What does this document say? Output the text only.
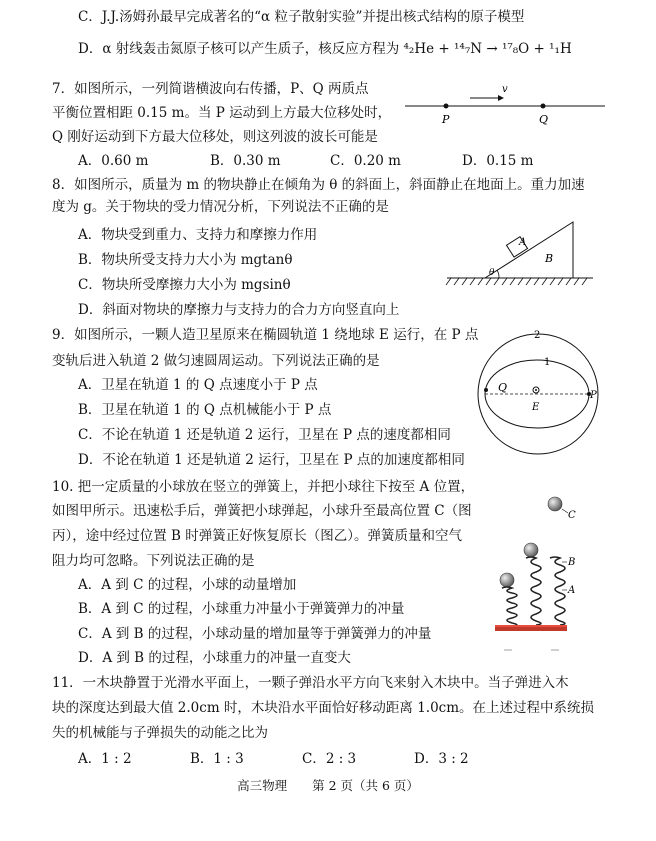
C．J.J.汤姆孙最早完成著名的“α 粒子散射实验”并提出核式结构的原子模型
D．α 射线轰击氮原子核可以产生质子，核反应方程为 ⁴₂He + ¹⁴₇N → ¹⁷₈O + ¹₁H
7．如图所示，一列简谐横波向右传播，P、Q 两质点
平衡位置相距 0.15 m。当 P 运动到上方最大位移处时，
Q 刚好运动到下方最大位移处，则这列波的波长可能是
A．0.60 m	B．0.30 m	C．0.20 m	D．0.15 m
v
P	Q
8．如图所示，质量为 m 的物块静止在倾角为 θ 的斜面上，斜面静止在地面上。重力加速
度为 g。关于物块的受力情况分析，下列说法不正确的是
A．物块受到重力、支持力和摩擦力作用
B．物块所受支持力大小为 mgtanθ
C．物块所受摩擦力大小为 mgsinθ
D．斜面对物块的摩擦力与支持力的合力方向竖直向上
A
B
θ
9．如图所示，一颗人造卫星原来在椭圆轨道 1 绕地球 E 运行，在 P 点
变轨后进入轨道 2 做匀速圆周运动。下列说法正确的是
A．卫星在轨道 1 的 Q 点速度小于 P 点
B．卫星在轨道 1 的 Q 点机械能小于 P 点
C．不论在轨道 1 还是轨道 2 运行，卫星在 P 点的速度都相同
D．不论在轨道 1 还是轨道 2 运行，卫星在 P 点的加速度都相同
2
1
Q
P
E
10. 把一定质量的小球放在竖立的弹簧上，并把小球往下按至 A 位置，
如图甲所示。迅速松手后，弹簧把小球弹起，小球升至最高位置 C（图
丙），途中经过位置 B 时弹簧正好恢复原长（图乙）。弹簧质量和空气
阻力均可忽略。下列说法正确的是
A．A 到 C 的过程，小球的动量增加
B．A 到 C 的过程，小球重力冲量小于弹簧弹力的冲量
C．A 到 B 的过程，小球动量的增加量等于弹簧弹力的冲量
D．A 到 B 的过程，小球重力的冲量一直变大
C
B
A
11．一木块静置于光滑水平面上，一颗子弹沿水平方向飞来射入木块中。当子弹进入木
块的深度达到最大值 2.0cm 时，木块沿水平面恰好移动距离 1.0cm。在上述过程中系统损
失的机械能与子弹损失的动能之比为
A．1 : 2	B．1 : 3	C．2 : 3	D．3 : 2
高三物理　　第 2 页（共 6 页）
